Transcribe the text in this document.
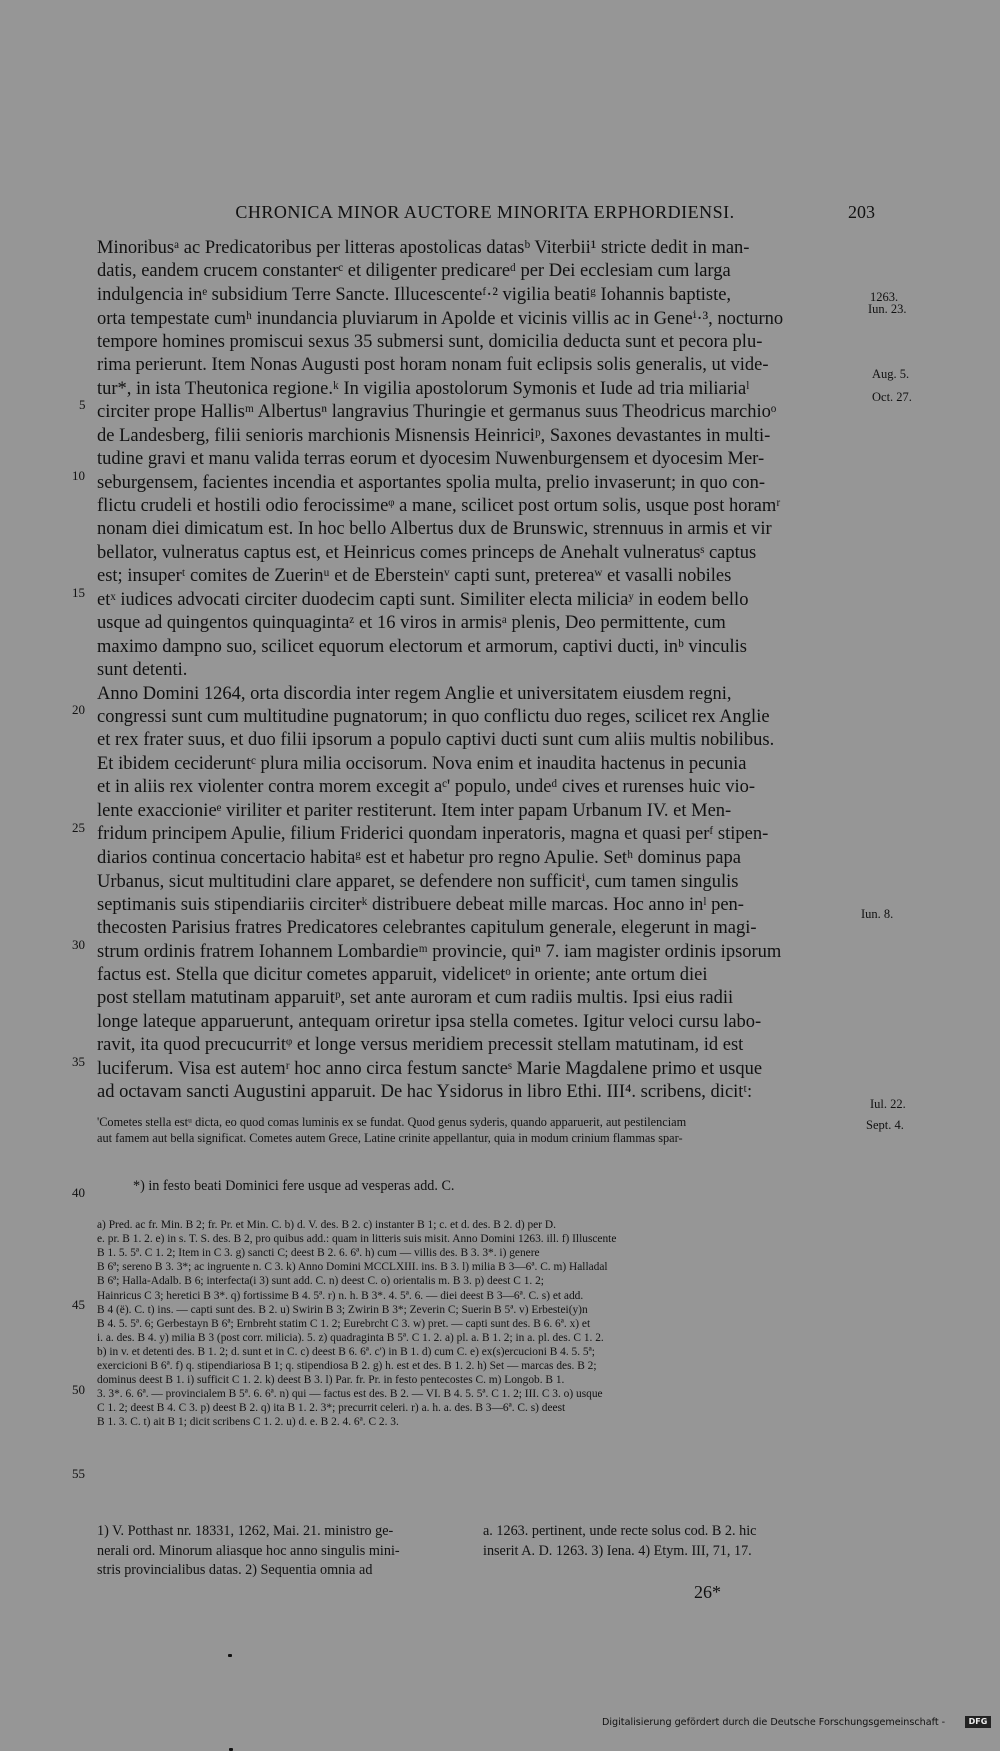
CHRONICA MINOR AUCTORE MINORITA ERPHORDIENSI.	203
Minoribusᵃ ac Predicatoribus per litteras apostolicas datasᵇ Viterbii¹ stricte dedit in man-
datis, eandem crucem constanterᶜ et diligenter predicareᵈ per Dei ecclesiam cum larga
indulgencia inᵉ subsidium Terre Sancte. Illucescenteᶠ·² vigilia beatiᵍ Iohannis baptiste,
orta tempestate cumʰ inundancia pluviarum in Apolde et vicinis villis ac in Geneⁱ·³, nocturno
tempore homines promiscui sexus 35 submersi sunt, domicilia deducta sunt et pecora plu-
rima perierunt. Item Nonas Augusti post horam nonam fuit eclipsis solis generalis, ut vide-
tur*, in ista Theutonica regione.ᵏ In vigilia apostolorum Symonis et Iude ad tria miliariaˡ
circiter prope Hallisᵐ Albertusⁿ langravius Thuringie et germanus suus Theodricus marchioᵒ
de Landesberg, filii senioris marchionis Misnensis Heinriciᵖ, Saxones devastantes in multi-
tudine gravi et manu valida terras eorum et dyocesim Nuwenburgensem et dyocesim Mer-
seburgensem, facientes incendia et asportantes spolia multa, prelio invaserunt; in quo con-
flictu crudeli et hostili odio ferocissimeᵠ a mane, scilicet post ortum solis, usque post horamʳ
nonam diei dimicatum est. In hoc bello Albertus dux de Brunswic, strennuus in armis et vir
bellator, vulneratus captus est, et Heinricus comes princeps de Anehalt vulneratusˢ captus
est; insuperᵗ comites de Zuerinᵘ et de Ebersteinᵛ capti sunt, pretereaʷ et vasalli nobiles
etˣ iudices advocati circiter duodecim capti sunt. Similiter electa miliciaʸ in eodem bello
usque ad quingentos quinquagintaᶻ et 16 viros in armisᵃ plenis, Deo permittente, cum
maximo dampno suo, scilicet equorum electorum et armorum, captivi ducti, inᵇ vinculis
sunt detenti.
Anno Domini 1264, orta discordia inter regem Anglie et universitatem eiusdem regni,
congressi sunt cum multitudine pugnatorum; in quo conflictu duo reges, scilicet rex Anglie
et rex frater suus, et duo filii ipsorum a populo captivi ducti sunt cum aliis multis nobilibus.
Et ibidem cecideruntᶜ plura milia occisorum. Nova enim et inaudita hactenus in pecunia
et in aliis rex violenter contra morem excegit aᶜ' populo, undeᵈ cives et rurenses huic vio-
lente exaccionieᵉ viriliter et pariter restiterunt. Item inter papam Urbanum IV. et Men-
fridum principem Apulie, filium Friderici quondam inperatoris, magna et quasi perᶠ stipen-
diarios continua concertacio habitaᵍ est et habetur pro regno Apulie. Setʰ dominus papa
Urbanus, sicut multitudini clare apparet, se defendere non sufficitⁱ, cum tamen singulis
septimanis suis stipendiariis circiterᵏ distribuere debeat mille marcas. Hoc anno inˡ pen-
thecosten Parisius fratres Predicatores celebrantes capitulum generale, elegerunt in magi-
strum ordinis fratrem Iohannem Lombardieᵐ provincie, quiⁿ 7. iam magister ordinis ipsorum
factus est. Stella que dicitur cometes apparuit, videlicetᵒ in oriente; ante ortum diei
post stellam matutinam apparuitᵖ, set ante auroram et cum radiis multis. Ipsi eius radii
longe lateque apparuerunt, antequam oriretur ipsa stella cometes. Igitur veloci cursu labo-
ravit, ita quod precucurritᵠ et longe versus meridiem precessit stellam matutinam, id est
luciferum. Visa est autemʳ hoc anno circa festum sancteˢ Marie Magdalene primo et usque
ad octavam sancti Augustini apparuit. De hac Ysidorus in libro Ethi. III⁴. scribens, dicitᵗ:
'Cometes stella estᵘ dicta, eo quod comas luminis ex se fundat. Quod genus syderis, quando apparuerit, aut pestilenciam
aut famem aut bella significat. Cometes autem Grece, Latine crinite appellantur, quia in modum crinium flammas spar-
*) in festo beati Dominici fere usque ad vesperas add. C.
a) Pred. ac fr. Min. B 2; fr. Pr. et Min. C. b) d. V. des. B 2. c) instanter B 1; c. et d. des. B 2. d) per D.
e. pr. B 1. 2. e) in s. T. S. des. B 2, pro quibus add.: quam in litteris suis misit. Anno Domini 1263. ill. f) Illuscente
B 1. 5. 5ª. C 1. 2; Item in C 3. g) sancti C; deest B 2. 6. 6ª. h) cum — villis des. B 3. 3*. i) genere
B 6ª; sereno B 3. 3*; ac ingruente n. C 3. k) Anno Domini MCCLXIII. ins. B 3. l) milia B 3—6ª. C. m) Halladal
B 6ª; Halla-Adalb. B 6; interfecta(i 3) sunt add. C. n) deest C. o) orientalis m. B 3. p) deest C 1. 2;
Hainricus C 3; heretici B 3*. q) fortissime B 4. 5ª. r) n. h. B 3*. 4. 5ª. 6. — diei deest B 3—6ª. C. s) et add.
B 4 (ë). C. t) ins. — capti sunt des. B 2. u) Swirin B 3; Zwirin B 3*; Zeverin C; Suerin B 5ª. v) Erbestei(y)n
B 4. 5. 5ª. 6; Gerbestayn B 6ª; Ernbreht statim C 1. 2; Eurebrcht C 3. w) pret. — capti sunt des. B 6. 6ª. x) et
i. a. des. B 4. y) milia B 3 (post corr. milicia). 5. z) quadraginta B 5ª. C 1. 2. a) pl. a. B 1. 2; in a. pl. des. C 1. 2.
b) in v. et detenti des. B 1. 2; d. sunt et in C. c) deest B 6. 6ª. c') in B 1. d) cum C. e) ex(s)ercucioni B 4. 5. 5ª;
exercicioni B 6ª. f) q. stipendiariosa B 1; q. stipendiosa B 2. g) h. est et des. B 1. 2. h) Set — marcas des. B 2;
dominus deest B 1. i) sufficit C 1. 2. k) deest B 3. l) Par. fr. Pr. in festo pentecostes C. m) Longob. B 1.
3. 3*. 6. 6ª. — provincialem B 5ª. 6. 6ª. n) qui — factus est des. B 2. — VI. B 4. 5. 5ª. C 1. 2; III. C 3. o) usque
C 1. 2; deest B 4. C 3. p) deest B 2. q) ita B 1. 2. 3*; precurrit celeri. r) a. h. a. des. B 3—6ª. C. s) deest
B 1. 3. C. t) ait B 1; dicit scribens C 1. 2. u) d. e. B 2. 4. 6ª. C 2. 3.
1) V. Potthast nr. 18331, 1262, Mai. 21. ministro ge-
nerali ord. Minorum aliasque hoc anno singulis mini-
stris provincialibus datas. 2) Sequentia omnia ad
a. 1263. pertinent, unde recte solus cod. B 2. hic
inserit A. D. 1263. 3) Iena. 4) Etym. III, 71, 17.
26*
5
10
15
20
25
30
35
40
45
50
55
1263.
Iun. 23.
Aug. 5.
Oct. 27.
Iun. 8.
Iul. 22.
Sept. 4.
Digitalisierung gefördert durch die Deutsche Forschungsgemeinschaft -	DFG
